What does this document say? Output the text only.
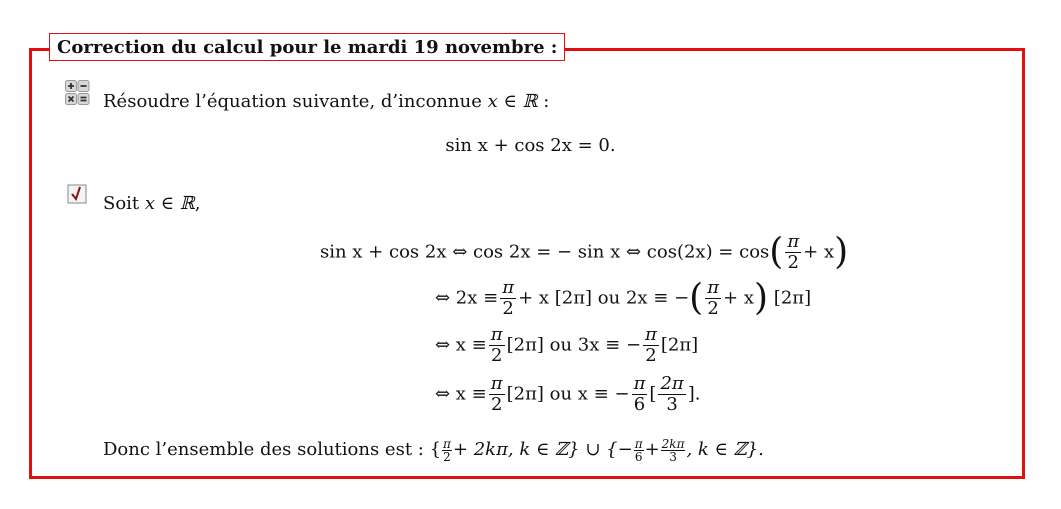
Correction du calcul pour le mardi 19 novembre :
Résoudre l’équation suivante, d’inconnue x ∈ ℝ :
sin x + cos 2x = 0.
Soit x ∈ ℝ,
sin x + cos 2x ⇔ cos 2x = − sin x ⇔ $\cos(2x) = \cos( \frac{\pi}{2} + x)$
⇔ $2x \equiv \frac{\pi}{2} + x$ [2π] ou 2x ≡ −( $\frac{\pi}{2} + x$) [2π]
⇔ $x \equiv \frac{\pi}{2} [2\pi]$ ou 3x ≡ − $\frac{\pi}{2} [2\pi]$
⇔ $x \equiv \frac{\pi}{2} [2\pi]$ ou x ≡ − $\frac{\pi}{6}$ [ $\frac{2\pi}{3}$ ].
Donc l’ensemble des solutions est : { $\frac{\pi}{2} + 2k\pi$, k ∈ ℤ} ∪ {− $\frac{\pi}{6} + \frac{2k\pi}{3}$ , k ∈ ℤ}.
